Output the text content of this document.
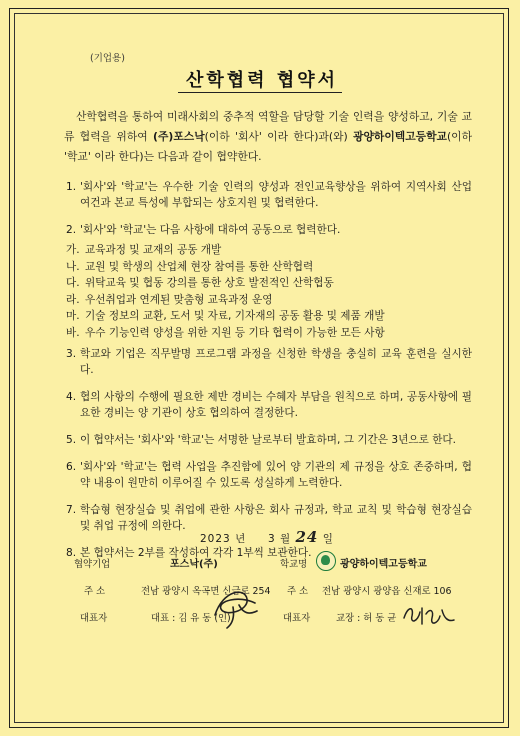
(기업용)
산학협력 협약서
산학협력을 통하여 미래사회의 중추적 역할을 담당할 기술 인력을 양성하고, 기술 교류 협력을 위하여 (주)포스낙(이하 '회사' 이라 한다)과(와) 광양하이텍고등학교(이하 '학교' 이라 한다)는 다음과 같이 협약한다.
1. '회사'와 '학교'는 우수한 기술 인력의 양성과 전인교육향상을 위하여 지역사회 산업 여건과 본교 특성에 부합되는 상호지원 및 협력한다.
2. '회사'와 '학교'는 다음 사항에 대하여 공동으로 협력한다.
가. 교육과정 및 교재의 공동 개발
나. 교원 및 학생의 산업체 현장 참여를 통한 산학협력
다. 위탁교육 및 협동 강의를 통한 상호 발전적인 산학협동
라. 우선취업과 연계된 맞춤형 교육과정 운영
마. 기술 정보의 교환, 도서 및 자료, 기자재의 공동 활용 및 제품 개발
바. 우수 기능인력 양성을 위한 지원 등 기타 협력이 가능한 모든 사항
3. 학교와 기업은 직무발명 프로그램 과정을 신청한 학생을 충실히 교육 훈련을 실시한다.
4. 협의 사항의 수행에 필요한 제반 경비는 수혜자 부담을 원칙으로 하며, 공동사항에 필요한 경비는 양 기관이 상호 협의하여 결정한다.
5. 이 협약서는 '회사'와 '학교'는 서명한 날로부터 발효하며, 그 기간은 3년으로 한다.
6. '회사'와 '학교'는 협력 사업을 추진함에 있어 양 기관의 제 규정을 상호 존중하며, 협약 내용이 원만히 이루어질 수 있도록 성실하게 노력한다.
7. 학습형 현장실습 및 취업에 관한 사항은 회사 규정과, 학교 교칙 및 학습형 현장실습 및 취업 규정에 의한다.
8. 본 협약서는 2부를 작성하여 각각 1부씩 보관한다.
2023 년 3 월 24 일
협약기업	포스낙(주)	학교명	광양하이텍고등학교
주 소	전남 광양시 옥곡면 신금로 254 주 소 전남 광양시 광양읍 신재로 106
대표자	대표 : 김 유 동 (인)	대표자	교장 : 허 동 균
